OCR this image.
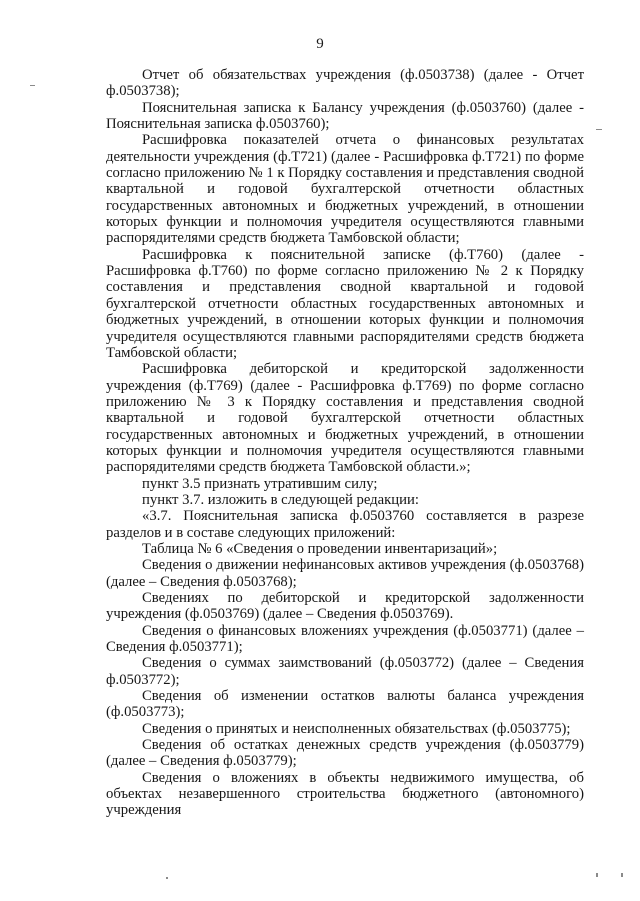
9

Отчет об обязательствах учреждения (ф.0503738) (далее - Отчет ф.0503738);

Пояснительная записка к Балансу учреждения (ф.0503760) (далее - Пояснительная записка ф.0503760);

Расшифровка показателей отчета о финансовых результатах деятельности учреждения (ф.Т721) (далее - Расшифровка ф.Т721) по форме согласно приложению № 1 к Порядку составления и представления сводной квартальной и годовой бухгалтерской отчетности областных государственных автономных и бюджетных учреждений, в отношении которых функции и полномочия учредителя осуществляются главными распорядителями средств бюджета Тамбовской области;

Расшифровка к пояснительной записке (ф.Т760) (далее - Расшифровка ф.Т760) по форме согласно приложению № 2 к Порядку составления и представления сводной квартальной и годовой бухгалтерской отчетности областных государственных автономных и бюджетных учреждений, в отношении которых функции и полномочия учредителя осуществляются главными распорядителями средств бюджета Тамбовской области;

Расшифровка дебиторской и кредиторской задолженности учреждения (ф.Т769) (далее - Расшифровка ф.Т769) по форме согласно приложению № 3 к Порядку составления и представления сводной квартальной и годовой бухгалтерской отчетности областных государственных автономных и бюджетных учреждений, в отношении которых функции и полномочия учредителя осуществляются главными распорядителями средств бюджета Тамбовской области.»;

пункт 3.5 признать утратившим силу;

пункт 3.7. изложить в следующей редакции:

«3.7. Пояснительная записка ф.0503760 составляется в разрезе разделов и в составе следующих приложений:

Таблица № 6 «Сведения о проведении инвентаризаций»;

Сведения о движении нефинансовых активов учреждения (ф.0503768) (далее – Сведения ф.0503768);

Сведениях по дебиторской и кредиторской задолженности учреждения (ф.0503769) (далее – Сведения ф.0503769).

Сведения о финансовых вложениях учреждения (ф.0503771) (далее – Сведения ф.0503771);

Сведения о суммах заимствований (ф.0503772) (далее – Сведения ф.0503772);

Сведения об изменении остатков валюты баланса учреждения (ф.0503773);

Сведения о принятых и неисполненных обязательствах (ф.0503775);

Сведения об остатках денежных средств учреждения (ф.0503779) (далее – Сведения ф.0503779);

Сведения о вложениях в объекты недвижимого имущества, об объектах незавершенного строительства бюджетного (автономного) учреждения
